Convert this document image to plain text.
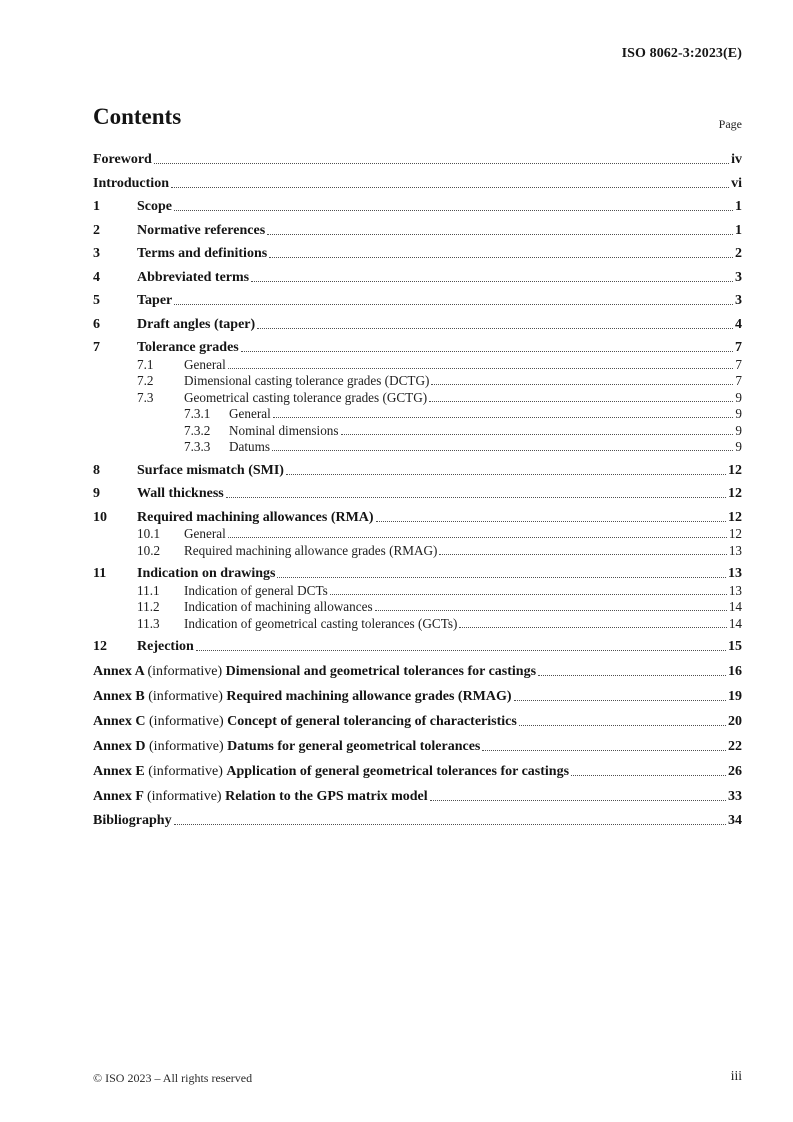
ISO 8062-3:2023(E)
Contents	Page
Foreword	iv
Introduction	vi
1	Scope	1
2	Normative references	1
3	Terms and definitions	2
4	Abbreviated terms	3
5	Taper	3
6	Draft angles (taper)	4
7	Tolerance grades	7
7.1	General	7
7.2	Dimensional casting tolerance grades (DCTG)	7
7.3	Geometrical casting tolerance grades (GCTG)	9
7.3.1	General	9
7.3.2	Nominal dimensions	9
7.3.3	Datums	9
8	Surface mismatch (SMI)	12
9	Wall thickness	12
10	Required machining allowances (RMA)	12
10.1	General	12
10.2	Required machining allowance grades (RMAG)	13
11	Indication on drawings	13
11.1	Indication of general DCTs	13
11.2	Indication of machining allowances	14
11.3	Indication of geometrical casting tolerances (GCTs)	14
12	Rejection	15
Annex A (informative) Dimensional and geometrical tolerances for castings	16
Annex B (informative) Required machining allowance grades (RMAG)	19
Annex C (informative) Concept of general tolerancing of characteristics	20
Annex D (informative) Datums for general geometrical tolerances	22
Annex E (informative) Application of general geometrical tolerances for castings	26
Annex F (informative) Relation to the GPS matrix model	33
Bibliography	34
© ISO 2023 – All rights reserved	iii
